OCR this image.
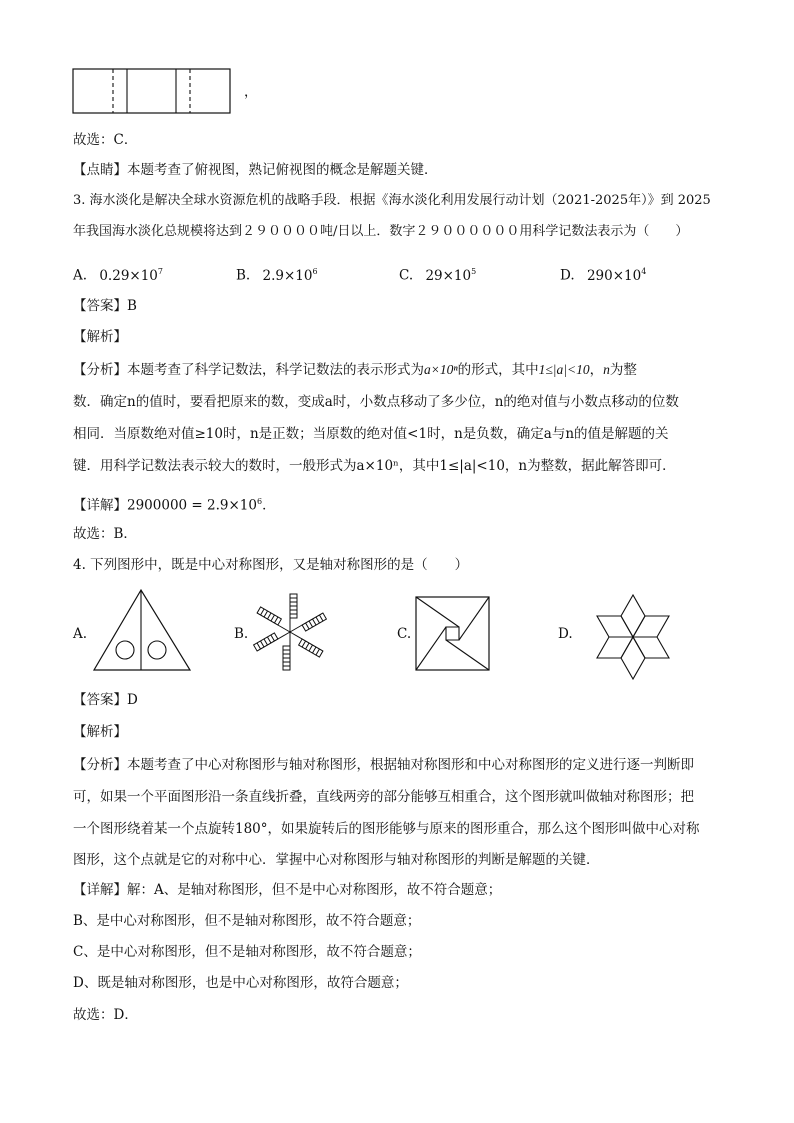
，
故选：C．
【点睛】本题考查了俯视图，熟记俯视图的概念是解题关键．
3. 海水淡化是解决全球水资源危机的战略手段．根据《海水淡化利用发展行动计划（2021-2025年）》到 2025
年我国海水淡化总规模将达到２９００００吨/日以上．数字２９００００００用科学记数法表示为（　　）
A. $0.29\times 10^7$	B. $2.9\times 10^6$	C. $29\times 10^5$	D. $290\times 10^4$
【答案】B
【解析】
【分析】本题考查了科学记数法，科学记数法的表示形式为a×10ⁿ的形式，其中1≤|a|<10，n为整
数．确定n的值时，要看把原来的数，变成a时，小数点移动了多少位，n的绝对值与小数点移动的位数
相同．当原数绝对值≥10时，n是正数；当原数的绝对值<1时，n是负数，确定a与n的值是解题的关
键．用科学记数法表示较大的数时，一般形式为a×10ⁿ，其中1≤|a|<10，n为整数，据此解答即可．
【详解】$2900000 = 2.9\times 10^6$．
故选：B．
4. 下列图形中，既是中心对称图形，又是轴对称图形的是（　　）
A.	B.	C.	D.
【答案】D
【解析】
【分析】本题考查了中心对称图形与轴对称图形，根据轴对称图形和中心对称图形的定义进行逐一判断即
可，如果一个平面图形沿一条直线折叠，直线两旁的部分能够互相重合，这个图形就叫做轴对称图形；把
一个图形绕着某一个点旋转180°，如果旋转后的图形能够与原来的图形重合，那么这个图形叫做中心对称
图形，这个点就是它的对称中心．掌握中心对称图形与轴对称图形的判断是解题的关键．
【详解】解：A、是轴对称图形，但不是中心对称图形，故不符合题意；
B、是中心对称图形，但不是轴对称图形，故不符合题意；
C、是中心对称图形，但不是轴对称图形，故不符合题意；
D、既是轴对称图形，也是中心对称图形，故符合题意；
故选：D．
